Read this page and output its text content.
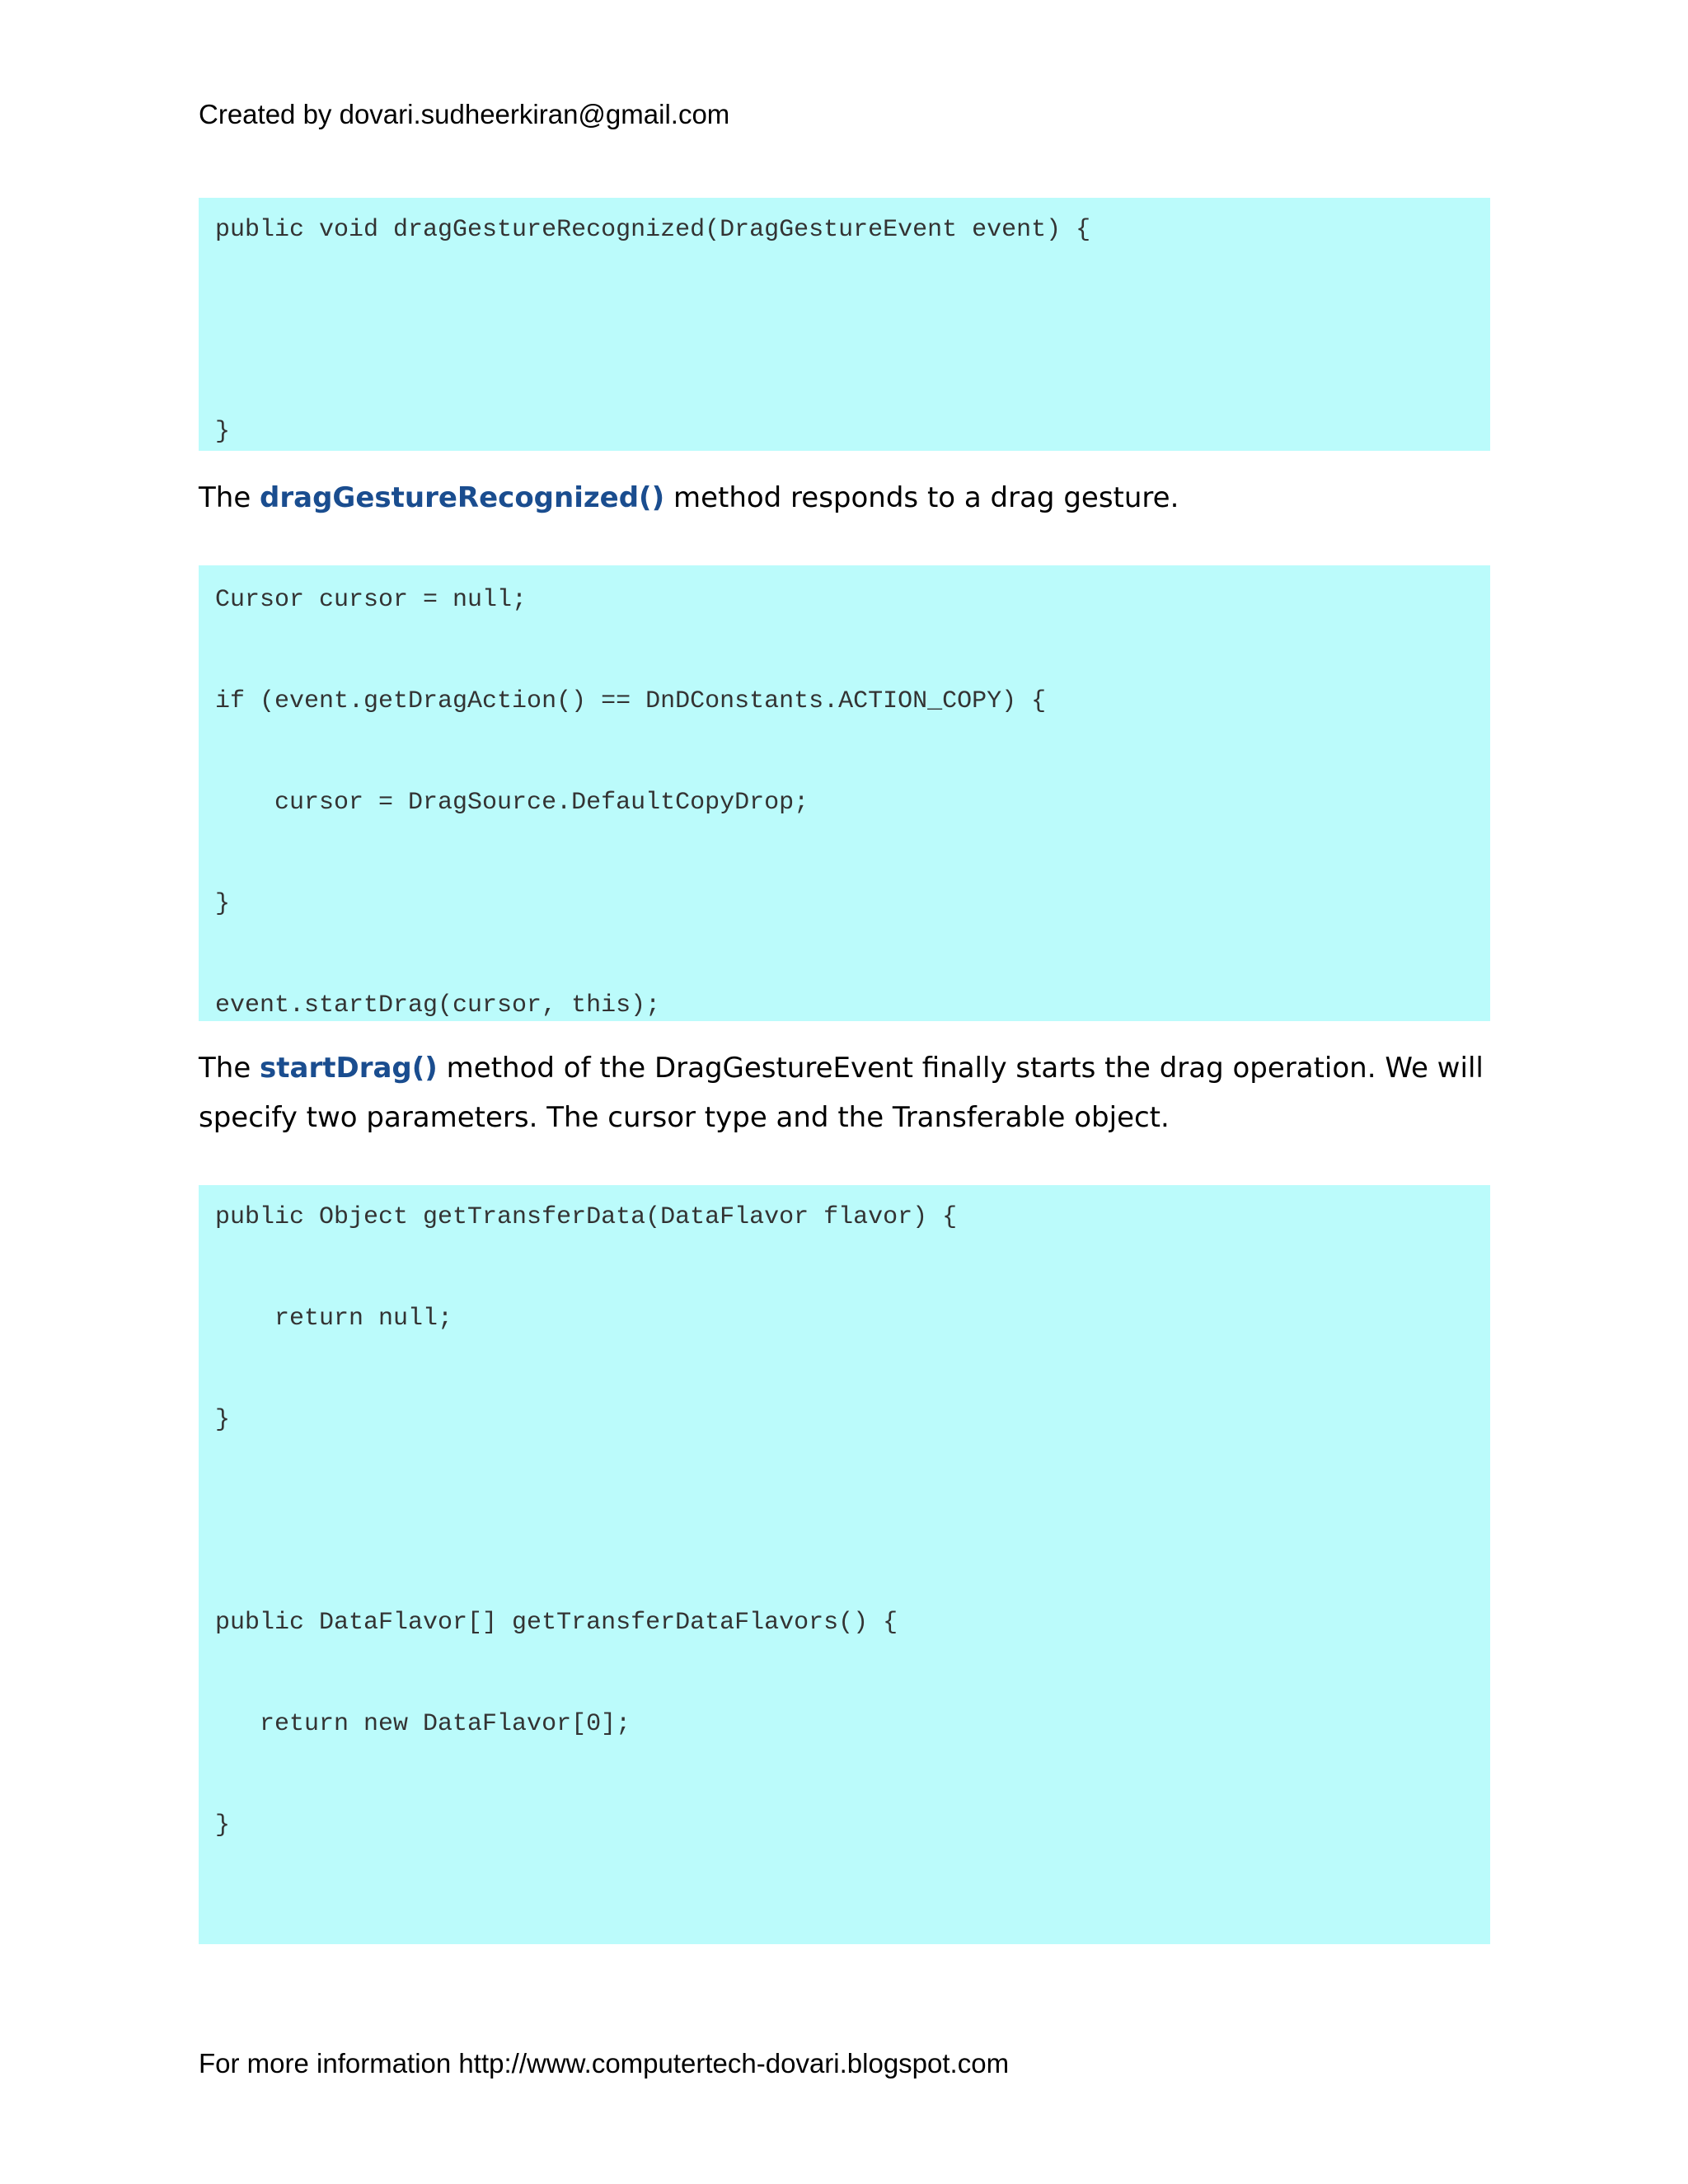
Created by dovari.sudheerkiran@gmail.com
public void dragGestureRecognized(DragGestureEvent event) {
}
The dragGestureRecognized() method responds to a drag gesture.
Cursor cursor = null;
if (event.getDragAction() == DnDConstants.ACTION_COPY) {
cursor = DragSource.DefaultCopyDrop;
}
event.startDrag(cursor, this);
The startDrag() method of the DragGestureEvent finally starts the drag operation. We will specify two parameters. The cursor type and the Transferable object.
public Object getTransferData(DataFlavor flavor) {
return null;
}
public DataFlavor[] getTransferDataFlavors() {
return new DataFlavor[0];
}
For more information http://www.computertech-dovari.blogspot.com
